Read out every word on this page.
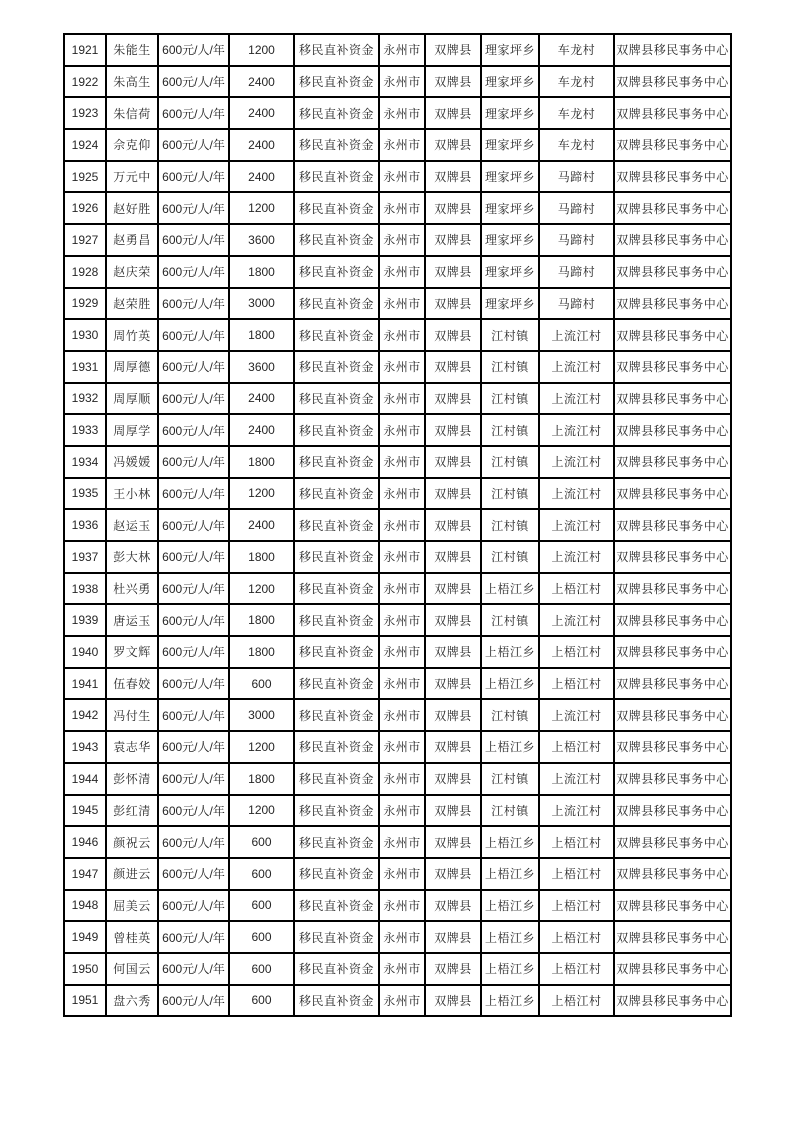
1921	朱能生	600元/人/年	1200	移民直补资金	永州市	双牌县	理家坪乡	车龙村	双牌县移民事务中心
1922	朱高生	600元/人/年	2400	移民直补资金	永州市	双牌县	理家坪乡	车龙村	双牌县移民事务中心
1923	朱信荷	600元/人/年	2400	移民直补资金	永州市	双牌县	理家坪乡	车龙村	双牌县移民事务中心
1924	佘克仰	600元/人/年	2400	移民直补资金	永州市	双牌县	理家坪乡	车龙村	双牌县移民事务中心
1925	万元中	600元/人/年	2400	移民直补资金	永州市	双牌县	理家坪乡	马蹄村	双牌县移民事务中心
1926	赵好胜	600元/人/年	1200	移民直补资金	永州市	双牌县	理家坪乡	马蹄村	双牌县移民事务中心
1927	赵勇昌	600元/人/年	3600	移民直补资金	永州市	双牌县	理家坪乡	马蹄村	双牌县移民事务中心
1928	赵庆荣	600元/人/年	1800	移民直补资金	永州市	双牌县	理家坪乡	马蹄村	双牌县移民事务中心
1929	赵荣胜	600元/人/年	3000	移民直补资金	永州市	双牌县	理家坪乡	马蹄村	双牌县移民事务中心
1930	周竹英	600元/人/年	1800	移民直补资金	永州市	双牌县	江村镇	上流江村	双牌县移民事务中心
1931	周厚德	600元/人/年	3600	移民直补资金	永州市	双牌县	江村镇	上流江村	双牌县移民事务中心
1932	周厚顺	600元/人/年	2400	移民直补资金	永州市	双牌县	江村镇	上流江村	双牌县移民事务中心
1933	周厚学	600元/人/年	2400	移民直补资金	永州市	双牌县	江村镇	上流江村	双牌县移民事务中心
1934	冯媛媛	600元/人/年	1800	移民直补资金	永州市	双牌县	江村镇	上流江村	双牌县移民事务中心
1935	王小林	600元/人/年	1200	移民直补资金	永州市	双牌县	江村镇	上流江村	双牌县移民事务中心
1936	赵运玉	600元/人/年	2400	移民直补资金	永州市	双牌县	江村镇	上流江村	双牌县移民事务中心
1937	彭大林	600元/人/年	1800	移民直补资金	永州市	双牌县	江村镇	上流江村	双牌县移民事务中心
1938	杜兴勇	600元/人/年	1200	移民直补资金	永州市	双牌县	上梧江乡	上梧江村	双牌县移民事务中心
1939	唐运玉	600元/人/年	1800	移民直补资金	永州市	双牌县	江村镇	上流江村	双牌县移民事务中心
1940	罗文辉	600元/人/年	1800	移民直补资金	永州市	双牌县	上梧江乡	上梧江村	双牌县移民事务中心
1941	伍春姣	600元/人/年	600	移民直补资金	永州市	双牌县	上梧江乡	上梧江村	双牌县移民事务中心
1942	冯付生	600元/人/年	3000	移民直补资金	永州市	双牌县	江村镇	上流江村	双牌县移民事务中心
1943	袁志华	600元/人/年	1200	移民直补资金	永州市	双牌县	上梧江乡	上梧江村	双牌县移民事务中心
1944	彭怀清	600元/人/年	1800	移民直补资金	永州市	双牌县	江村镇	上流江村	双牌县移民事务中心
1945	彭红清	600元/人/年	1200	移民直补资金	永州市	双牌县	江村镇	上流江村	双牌县移民事务中心
1946	颜祝云	600元/人/年	600	移民直补资金	永州市	双牌县	上梧江乡	上梧江村	双牌县移民事务中心
1947	颜进云	600元/人/年	600	移民直补资金	永州市	双牌县	上梧江乡	上梧江村	双牌县移民事务中心
1948	屈美云	600元/人/年	600	移民直补资金	永州市	双牌县	上梧江乡	上梧江村	双牌县移民事务中心
1949	曾桂英	600元/人/年	600	移民直补资金	永州市	双牌县	上梧江乡	上梧江村	双牌县移民事务中心
1950	何国云	600元/人/年	600	移民直补资金	永州市	双牌县	上梧江乡	上梧江村	双牌县移民事务中心
1951	盘六秀	600元/人/年	600	移民直补资金	永州市	双牌县	上梧江乡	上梧江村	双牌县移民事务中心
